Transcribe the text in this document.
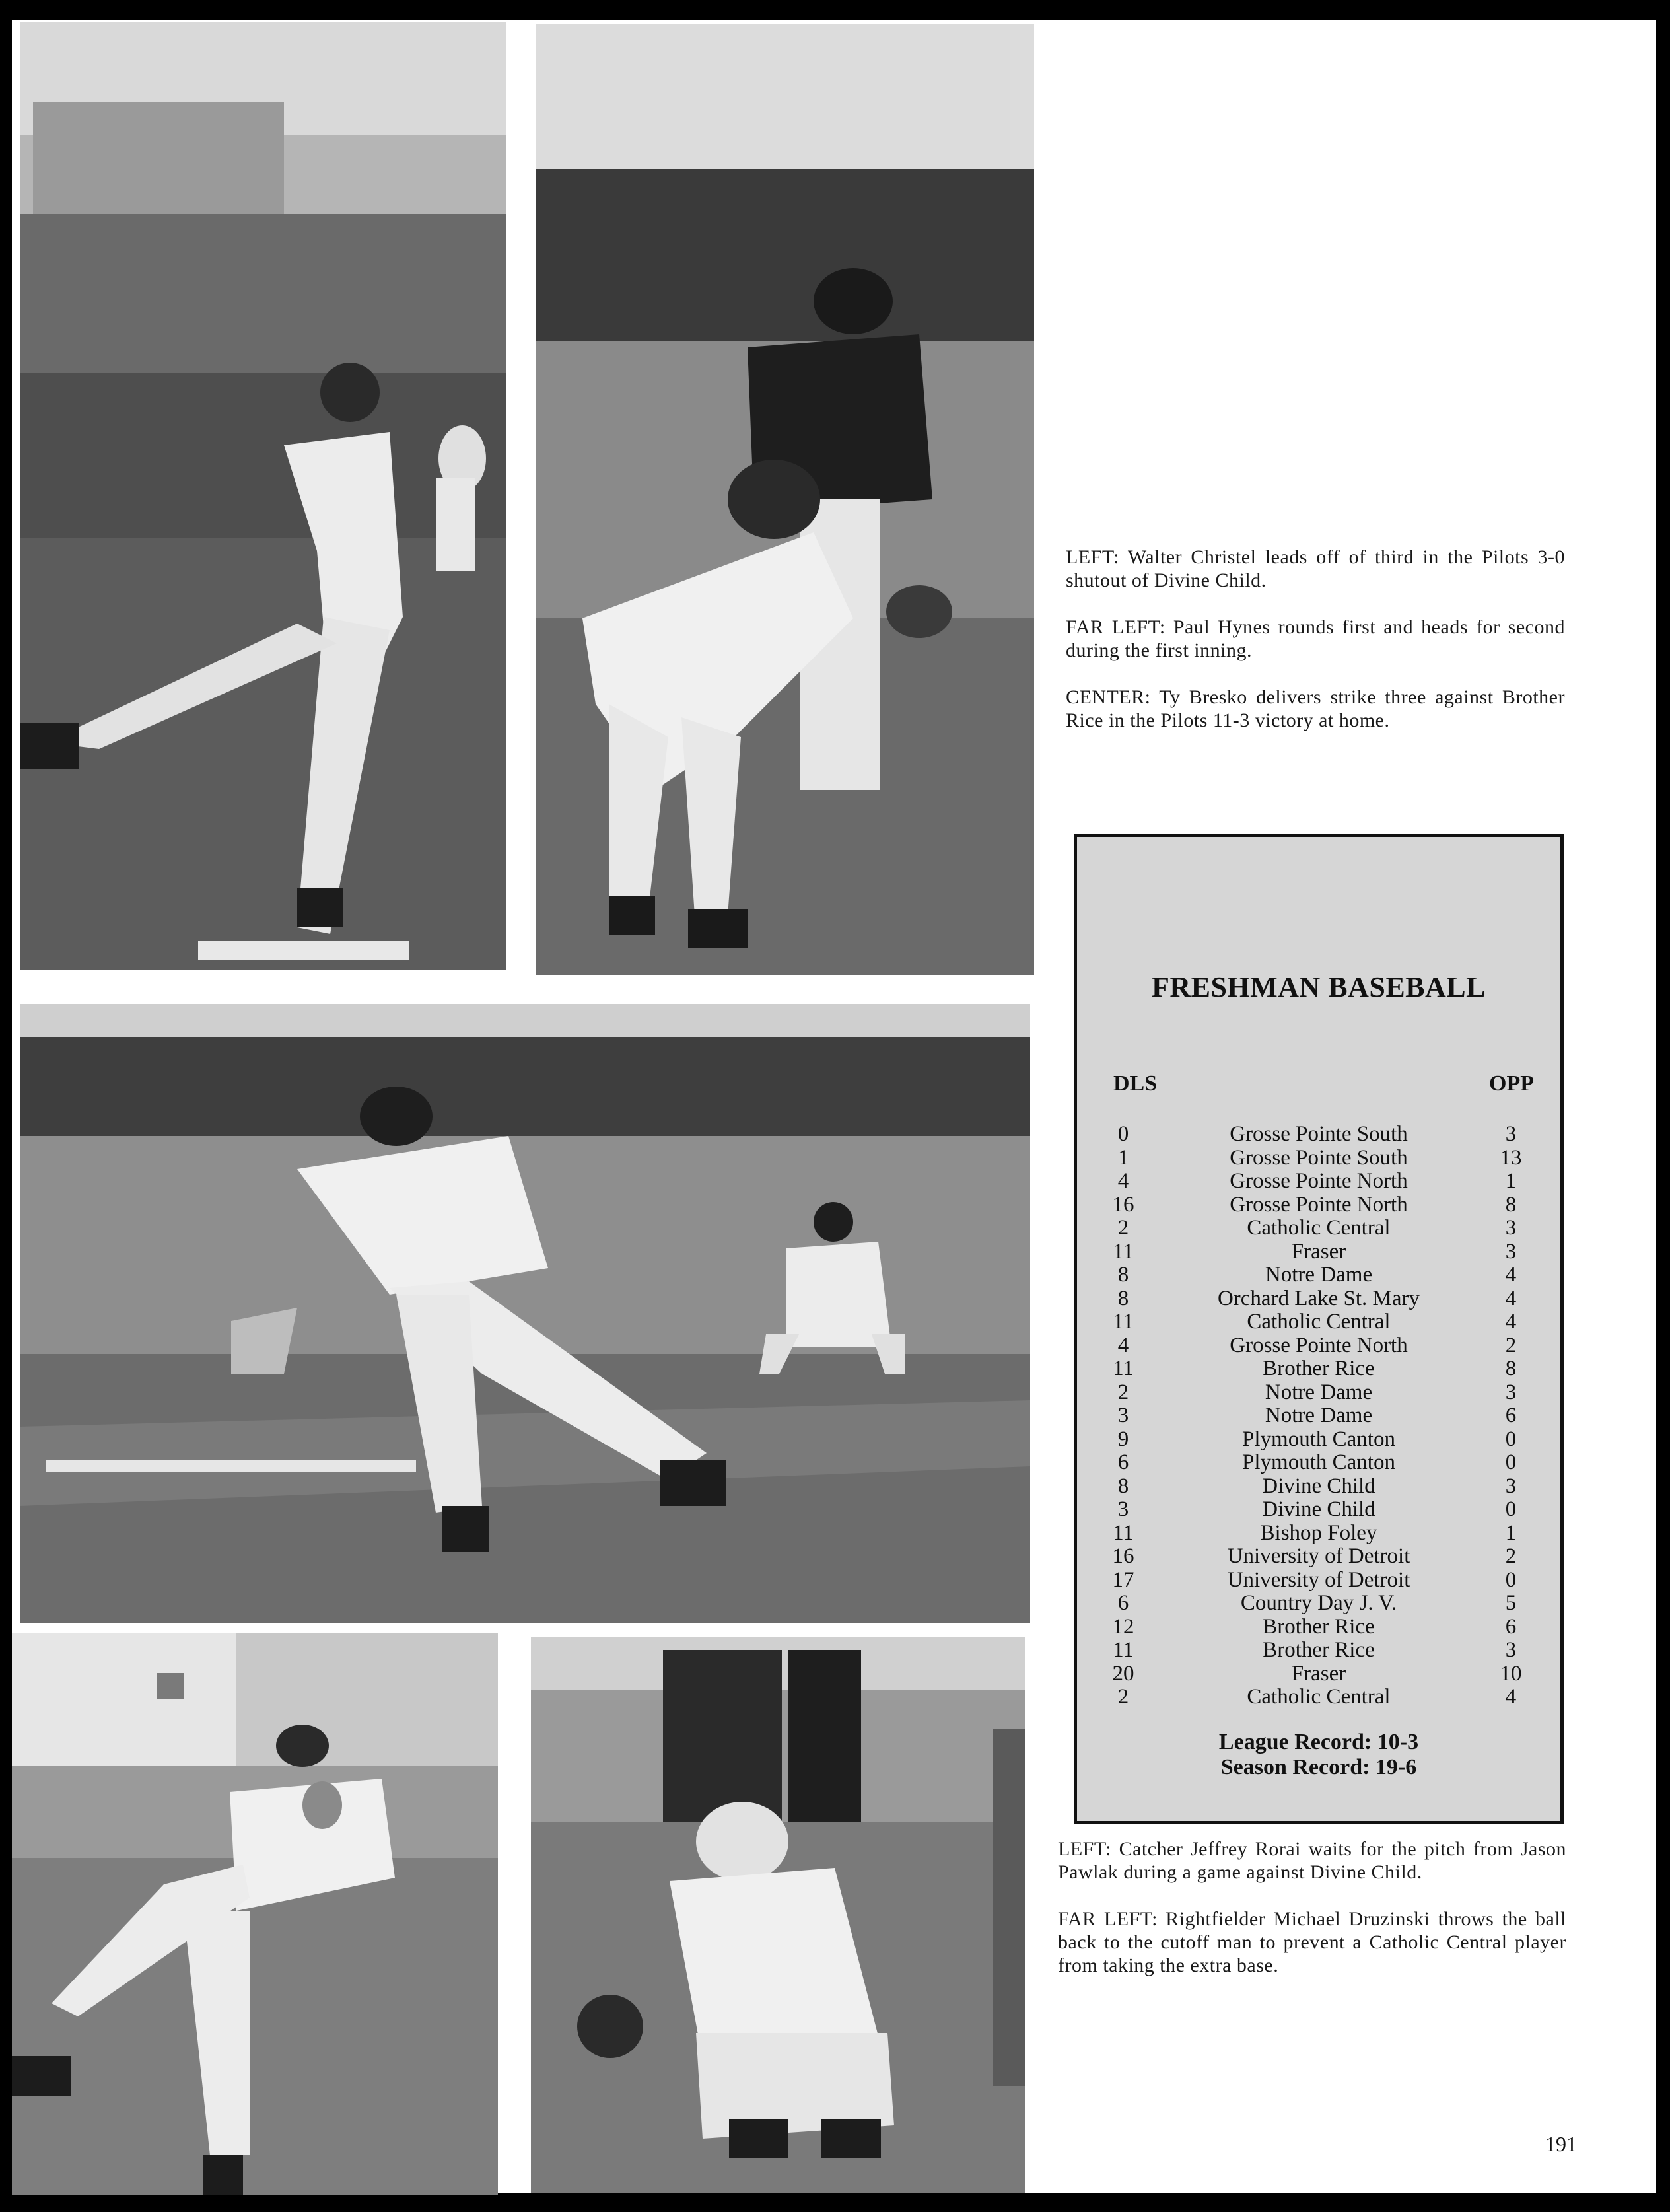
LEFT: Walter Christel leads off of third in the Pilots 3-0 shutout of Divine Child.

FAR LEFT: Paul Hynes rounds first and heads for second during the first inning.

CENTER: Ty Bresko delivers strike three against Brother Rice in the Pilots 11-3 victory at home.

FRESHMAN BASEBALL
DLS	OPP
0	Grosse Pointe South	3
1	Grosse Pointe South	13
4	Grosse Pointe North	1
16	Grosse Pointe North	8
2	Catholic Central	3
11	Fraser	3
8	Notre Dame	4
8	Orchard Lake St. Mary	4
11	Catholic Central	4
4	Grosse Pointe North	2
11	Brother Rice	8
2	Notre Dame	3
3	Notre Dame	6
9	Plymouth Canton	0
6	Plymouth Canton	0
8	Divine Child	3
3	Divine Child	0
11	Bishop Foley	1
16	University of Detroit	2
17	University of Detroit	0
6	Country Day J. V.	5
12	Brother Rice	6
11	Brother Rice	3
20	Fraser	10
2	Catholic Central	4
League Record: 10-3
Season Record: 19-6

LEFT: Catcher Jeffrey Rorai waits for the pitch from Jason Pawlak during a game against Divine Child.

FAR LEFT: Rightfielder Michael Druzinski throws the ball back to the cutoff man to prevent a Catholic Central player from taking the extra base.

191
